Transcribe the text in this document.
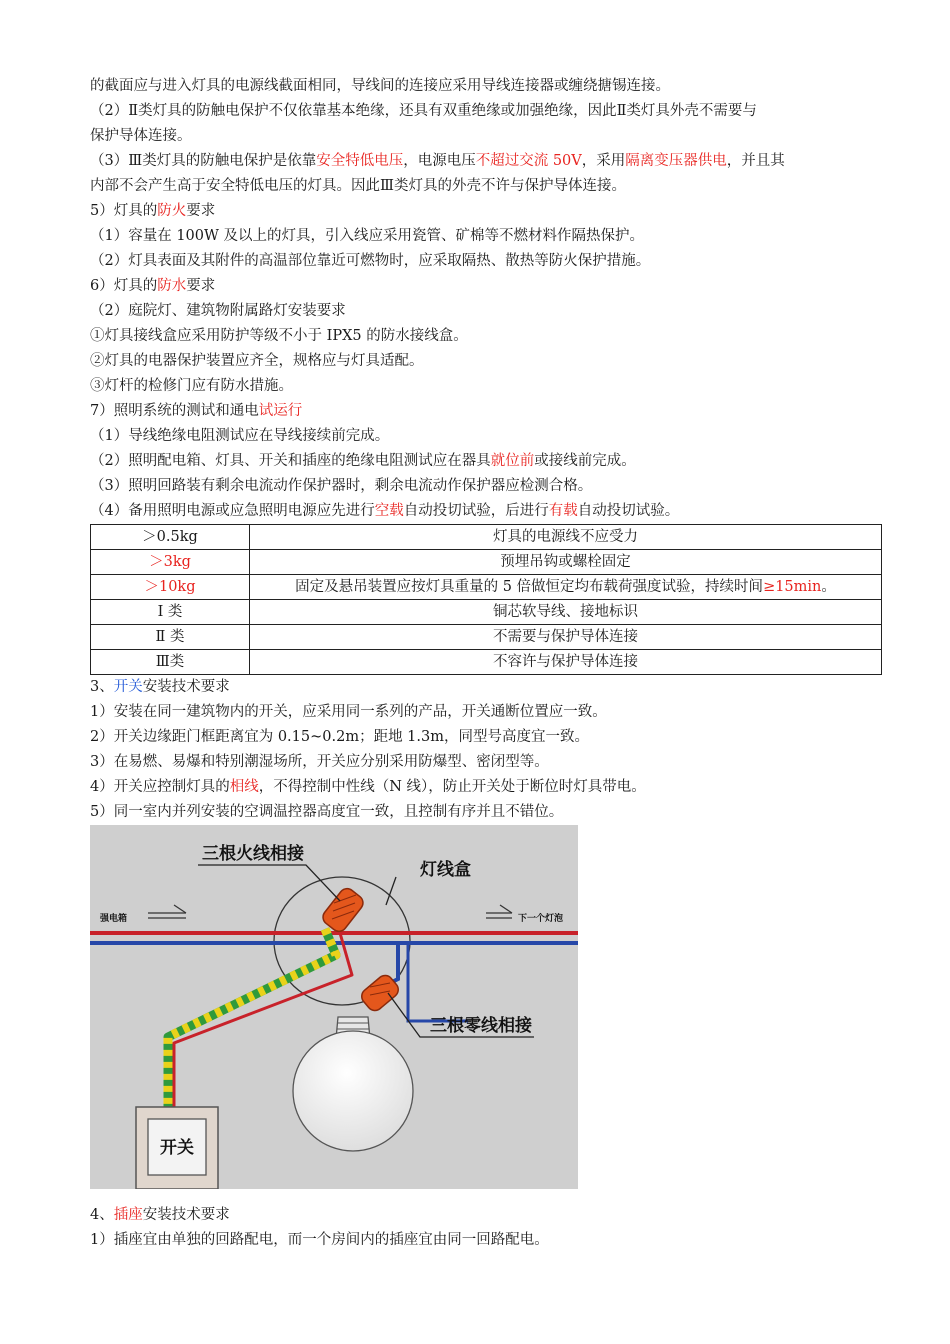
的截面应与进入灯具的电源线截面相同，导线间的连接应采用导线连接器或缠绕搪锡连接。
（2）Ⅱ类灯具的防触电保护不仅依靠基本绝缘，还具有双重绝缘或加强绝缘，因此Ⅱ类灯具外壳不需要与
保护导体连接。
（3）Ⅲ类灯具的防触电保护是依靠安全特低电压，电源电压不超过交流 50V，采用隔离变压器供电，并且其
内部不会产生高于安全特低电压的灯具。因此Ⅲ类灯具的外壳不许与保护导体连接。
5）灯具的防火要求
（1）容量在 100W 及以上的灯具，引入线应采用瓷管、矿棉等不燃材料作隔热保护。
（2）灯具表面及其附件的高温部位靠近可燃物时，应采取隔热、散热等防火保护措施。
6）灯具的防水要求
（2）庭院灯、建筑物附属路灯安装要求
①灯具接线盒应采用防护等级不小于 IPX5 的防水接线盒。
②灯具的电器保护装置应齐全，规格应与灯具适配。
③灯杆的检修门应有防水措施。
7）照明系统的测试和通电试运行
（1）导线绝缘电阻测试应在导线接续前完成。
（2）照明配电箱、灯具、开关和插座的绝缘电阻测试应在器具就位前或接线前完成。
（3）照明回路装有剩余电流动作保护器时，剩余电流动作保护器应检测合格。
（4）备用照明电源或应急照明电源应先进行空载自动投切试验，后进行有载自动投切试验。
＞0.5kg	灯具的电源线不应受力
＞3kg	预埋吊钩或螺栓固定
＞10kg	固定及悬吊装置应按灯具重量的 5 倍做恒定均布载荷强度试验，持续时间≥15min。
Ⅰ 类	铜芯软导线、接地标识
Ⅱ 类	不需要与保护导体连接
Ⅲ类	不容许与保护导体连接
3、开关安装技术要求
1）安装在同一建筑物内的开关，应采用同一系列的产品，开关通断位置应一致。
2）开关边缘距门框距离宜为 0.15~0.2m；距地 1.3m，同型号高度宜一致。
3）在易燃、易爆和特别潮湿场所，开关应分别采用防爆型、密闭型等。
4）开关应控制灯具的相线，不得控制中性线（N 线），防止开关处于断位时灯具带电。
5）同一室内并列安装的空调温控器高度宜一致，且控制有序并且不错位。
三根火线相接
灯线盒
三根零线相接
强电箱	下一个灯泡
开关
4、插座安装技术要求
1）插座宜由单独的回路配电，而一个房间内的插座宜由同一回路配电。
